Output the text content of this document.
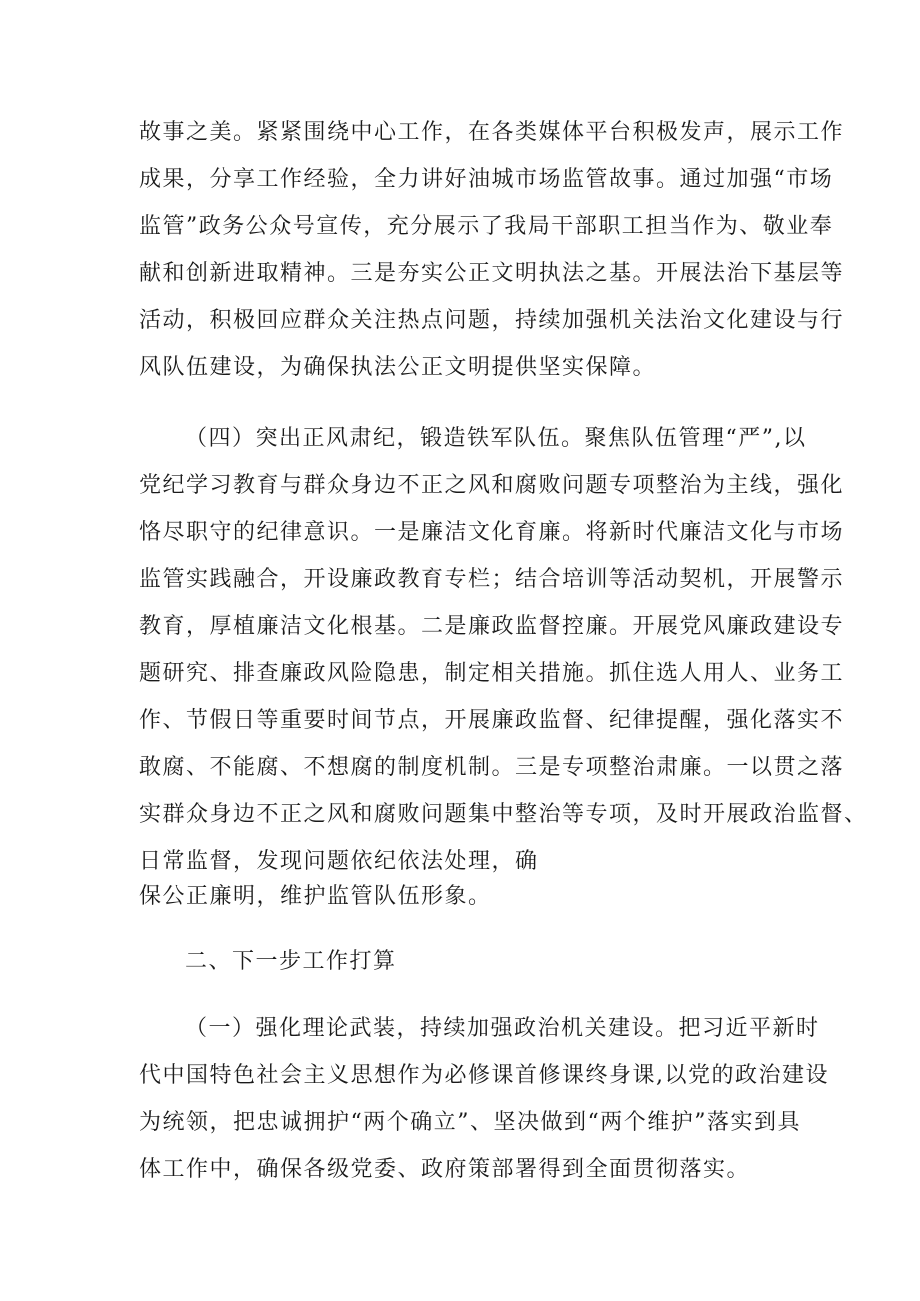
故事之美。紧紧围绕中心工作，在各类媒体平台积极发声，展示工作
成果，分享工作经验，全力讲好油城市场监管故事。通过加强“市场
监管”政务公众号宣传，充分展示了我局干部职工担当作为、敬业奉
献和创新进取精神。三是夯实公正文明执法之基。开展法治下基层等
活动，积极回应群众关注热点问题，持续加强机关法治文化建设与行
风队伍建设，为确保执法公正文明提供坚实保障。
（四）突出正风肃纪，锻造铁军队伍。聚焦队伍管理“严”,以
党纪学习教育与群众身边不正之风和腐败问题专项整治为主线，强化
恪尽职守的纪律意识。一是廉洁文化育廉。将新时代廉洁文化与市场
监管实践融合，开设廉政教育专栏；结合培训等活动契机，开展警示
教育，厚植廉洁文化根基。二是廉政监督控廉。开展党风廉政建设专
题研究、排查廉政风险隐患，制定相关措施。抓住选人用人、业务工
作、节假日等重要时间节点，开展廉政监督、纪律提醒，强化落实不
敢腐、不能腐、不想腐的制度机制。三是专项整治肃廉。一以贯之落
实群众身边不正之风和腐败问题集中整治等专项，及时开展政治监督、
日常监督，发现问题依纪依法处理，确
保公正廉明，维护监管队伍形象。
二、下一步工作打算
（一）强化理论武装，持续加强政治机关建设。把习近平新时
代中国特色社会主义思想作为必修课首修课终身课,以党的政治建设
为统领，把忠诚拥护“两个确立”、坚决做到“两个维护”落实到具
体工作中，确保各级党委、政府策部署得到全面贯彻落实。
